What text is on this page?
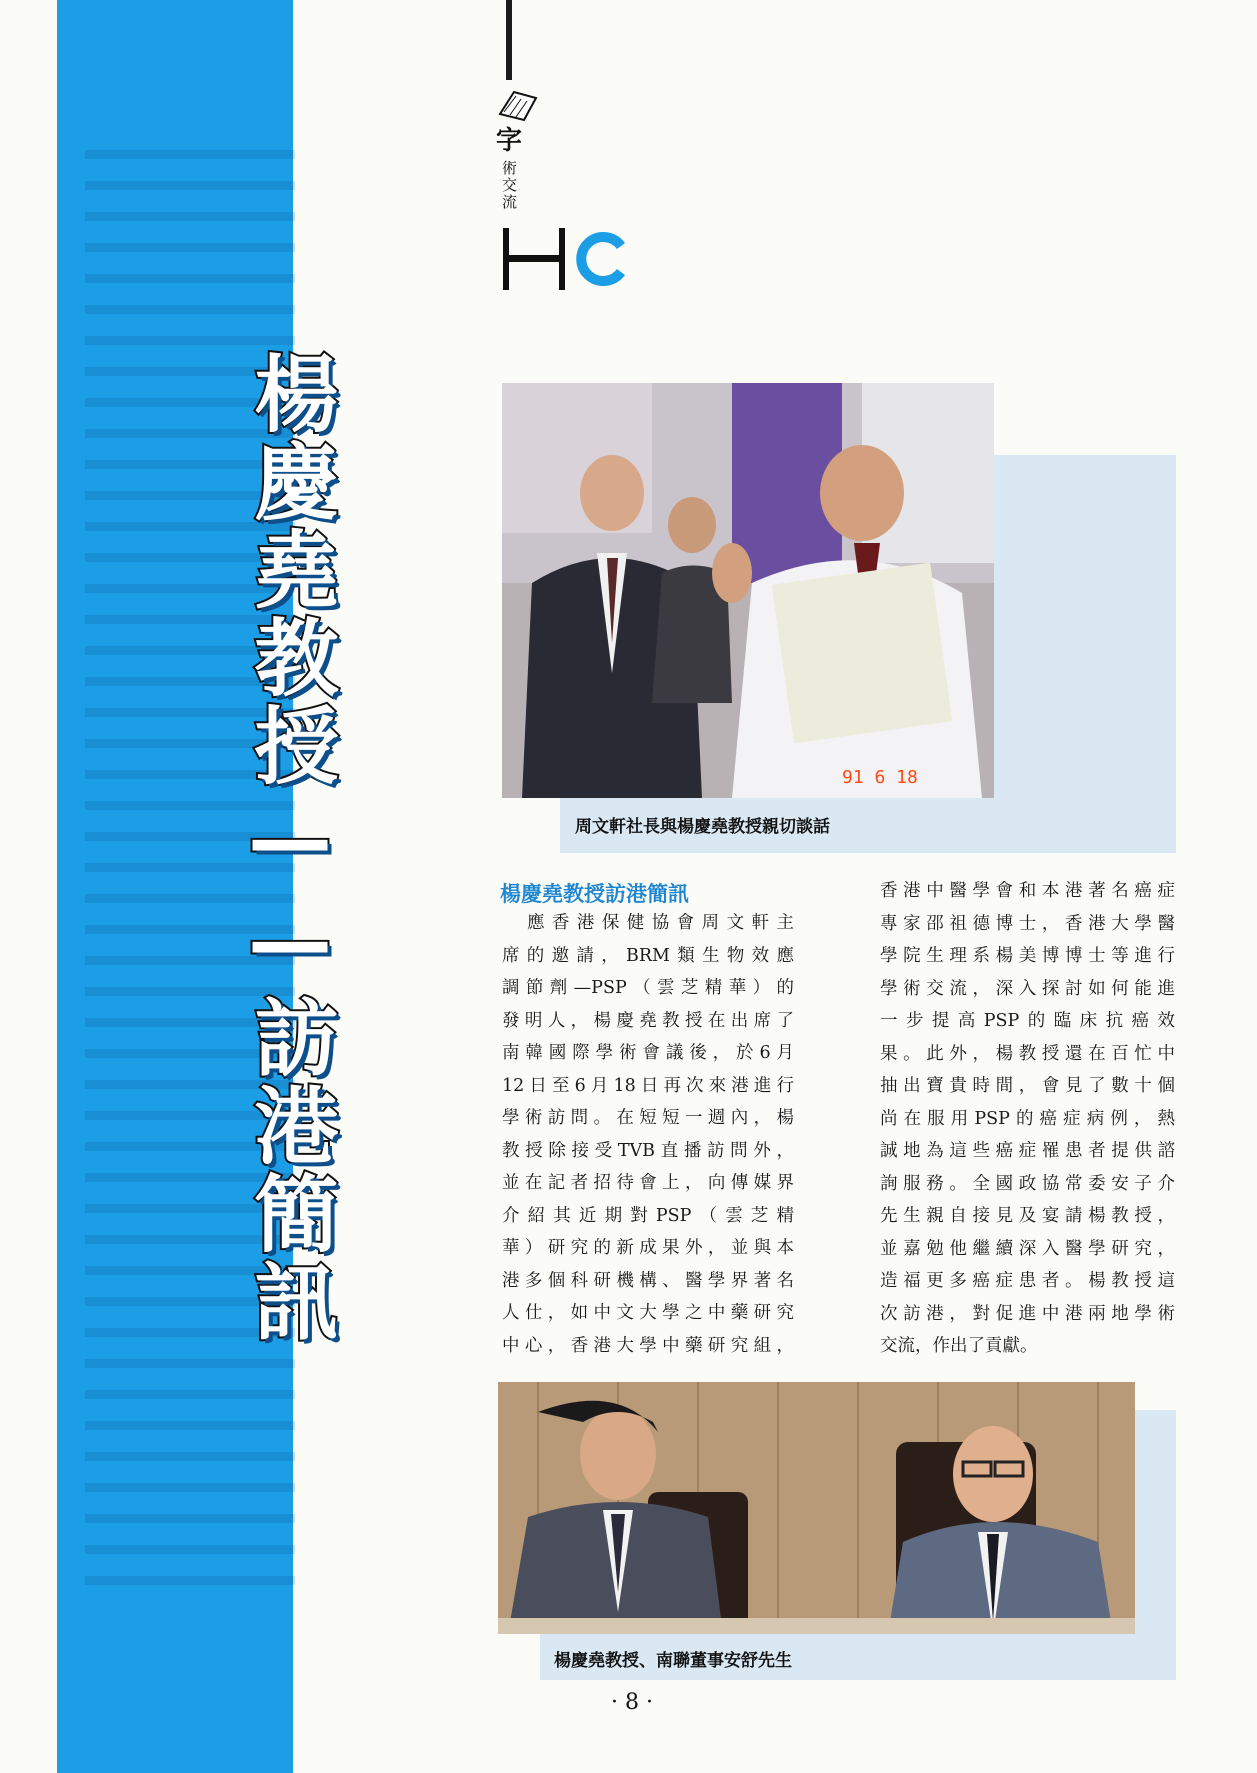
楊慶堯教授——訪港簡訊
字
術交流
91 6 18
周文軒社長與楊慶堯教授親切談話
楊慶堯教授訪港簡訊
　應香港保健協會周文軒主
席的邀請，BRM類生物效應
調節劑—PSP（雲芝精華）的
發明人，楊慶堯教授在出席了
南韓國際學術會議後，於6月
12日至6月18日再次來港進行
學術訪問。在短短一週內，楊
教授除接受TVB直播訪問外，
並在記者招待會上，向傳媒界
介紹其近期對PSP（雲芝精
華）研究的新成果外，並與本
港多個科研機構、醫學界著名
人仕，如中文大學之中藥研究
中心，香港大學中藥研究組，
香港中醫學會和本港著名癌症
專家邵祖德博士，香港大學醫
學院生理系楊美博博士等進行
學術交流，深入探討如何能進
一步提高PSP的臨床抗癌效
果。此外，楊教授還在百忙中
抽出寶貴時間，會見了數十個
尚在服用PSP的癌症病例，熱
誠地為這些癌症罹患者提供諮
詢服務。全國政協常委安子介
先生親自接見及宴請楊教授，
並嘉勉他繼續深入醫學研究，
造福更多癌症患者。楊教授這
次訪港，對促進中港兩地學術
交流，作出了貢獻。
楊慶堯教授、南聯董事安舒先生
· 8 ·
